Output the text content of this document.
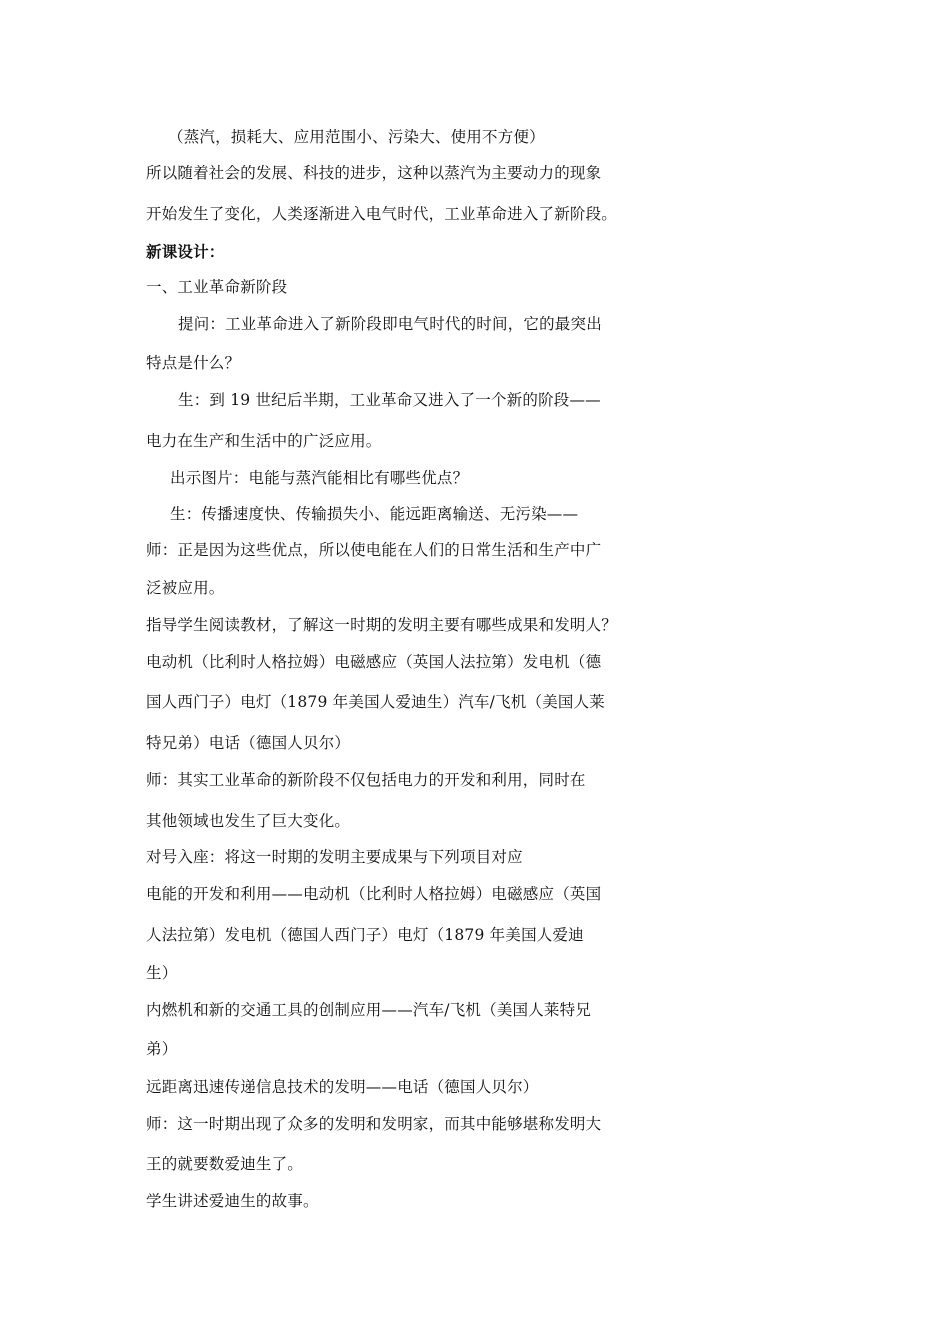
（蒸汽，损耗大、应用范围小、污染大、使用不方便）
所以随着社会的发展、科技的进步，这种以蒸汽为主要动力的现象
开始发生了变化，人类逐渐进入电气时代，工业革命进入了新阶段。
新课设计：
一、工业革命新阶段
提问：工业革命进入了新阶段即电气时代的时间，它的最突出
特点是什么？
生：到 19 世纪后半期，工业革命又进入了一个新的阶段——
电力在生产和生活中的广泛应用。
出示图片：电能与蒸汽能相比有哪些优点？
生：传播速度快、传输损失小、能远距离输送、无污染——
师：正是因为这些优点，所以使电能在人们的日常生活和生产中广
泛被应用。
指导学生阅读教材，了解这一时期的发明主要有哪些成果和发明人？
电动机（比利时人格拉姆）电磁感应（英国人法拉第）发电机（德
国人西门子）电灯（1879 年美国人爱迪生）汽车/飞机（美国人莱
特兄弟）电话（德国人贝尔）
师：其实工业革命的新阶段不仅包括电力的开发和利用，同时在
其他领域也发生了巨大变化。
对号入座：将这一时期的发明主要成果与下列项目对应
电能的开发和利用——电动机（比利时人格拉姆）电磁感应（英国
人法拉第）发电机（德国人西门子）电灯（1879 年美国人爱迪
生）
内燃机和新的交通工具的创制应用——汽车/飞机（美国人莱特兄
弟）
远距离迅速传递信息技术的发明——电话（德国人贝尔）
师：这一时期出现了众多的发明和发明家，而其中能够堪称发明大
王的就要数爱迪生了。
学生讲述爱迪生的故事。
